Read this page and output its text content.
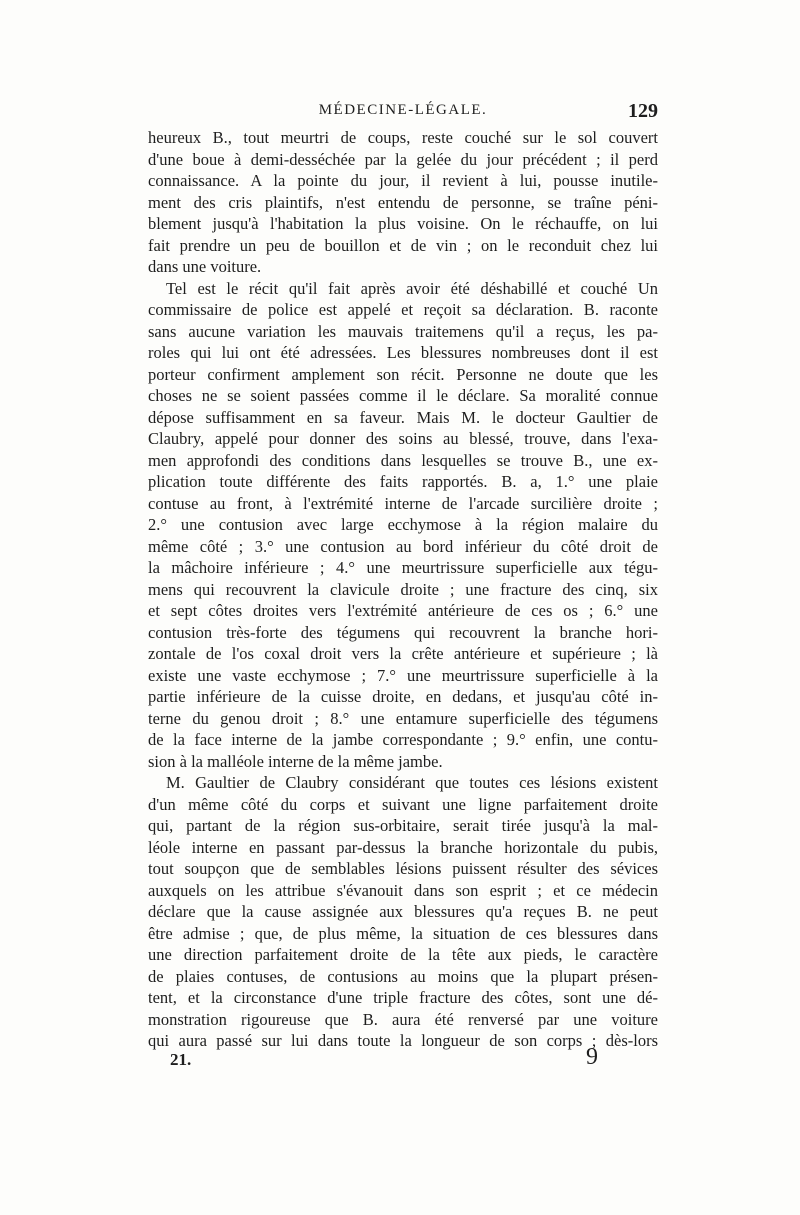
MÉDECINE-LÉGALE.	129
heureux B., tout meurtri de coups, reste couché sur le sol couvert
d'une boue à demi-desséchée par la gelée du jour précédent ; il perd
connaissance. A la pointe du jour, il revient à lui, pousse inutile-
ment des cris plaintifs, n'est entendu de personne, se traîne péni-
blement jusqu'à l'habitation la plus voisine. On le réchauffe, on lui
fait prendre un peu de bouillon et de vin ; on le reconduit chez lui
dans une voiture.
Tel est le récit qu'il fait après avoir été déshabillé et couché Un
commissaire de police est appelé et reçoit sa déclaration. B. raconte
sans aucune variation les mauvais traitemens qu'il a reçus, les pa-
roles qui lui ont été adressées. Les blessures nombreuses dont il est
porteur confirment amplement son récit. Personne ne doute que les
choses ne se soient passées comme il le déclare. Sa moralité connue
dépose suffisamment en sa faveur. Mais M. le docteur Gaultier de
Claubry, appelé pour donner des soins au blessé, trouve, dans l'exa-
men approfondi des conditions dans lesquelles se trouve B., une ex-
plication toute différente des faits rapportés. B. a, 1.° une plaie
contuse au front, à l'extrémité interne de l'arcade surcilière droite ;
2.° une contusion avec large ecchymose à la région malaire du
même côté ; 3.° une contusion au bord inférieur du côté droit de
la mâchoire inférieure ; 4.° une meurtrissure superficielle aux tégu-
mens qui recouvrent la clavicule droite ; une fracture des cinq, six
et sept côtes droites vers l'extrémité antérieure de ces os ; 6.° une
contusion très-forte des tégumens qui recouvrent la branche hori-
zontale de l'os coxal droit vers la crête antérieure et supérieure ; là
existe une vaste ecchymose ; 7.° une meurtrissure superficielle à la
partie inférieure de la cuisse droite, en dedans, et jusqu'au côté in-
terne du genou droit ; 8.° une entamure superficielle des tégumens
de la face interne de la jambe correspondante ; 9.° enfin, une contu-
sion à la malléole interne de la même jambe.
M. Gaultier de Claubry considérant que toutes ces lésions existent
d'un même côté du corps et suivant une ligne parfaitement droite
qui, partant de la région sus-orbitaire, serait tirée jusqu'à la mal-
léole interne en passant par-dessus la branche horizontale du pubis,
tout soupçon que de semblables lésions puissent résulter des sévices
auxquels on les attribue s'évanouit dans son esprit ; et ce médecin
déclare que la cause assignée aux blessures qu'a reçues B. ne peut
être admise ; que, de plus même, la situation de ces blessures dans
une direction parfaitement droite de la tête aux pieds, le caractère
de plaies contuses, de contusions au moins que la plupart présen-
tent, et la circonstance d'une triple fracture des côtes, sont une dé-
monstration rigoureuse que B. aura été renversé par une voiture
qui aura passé sur lui dans toute la longueur de son corps ; dès-lors
21.	9
